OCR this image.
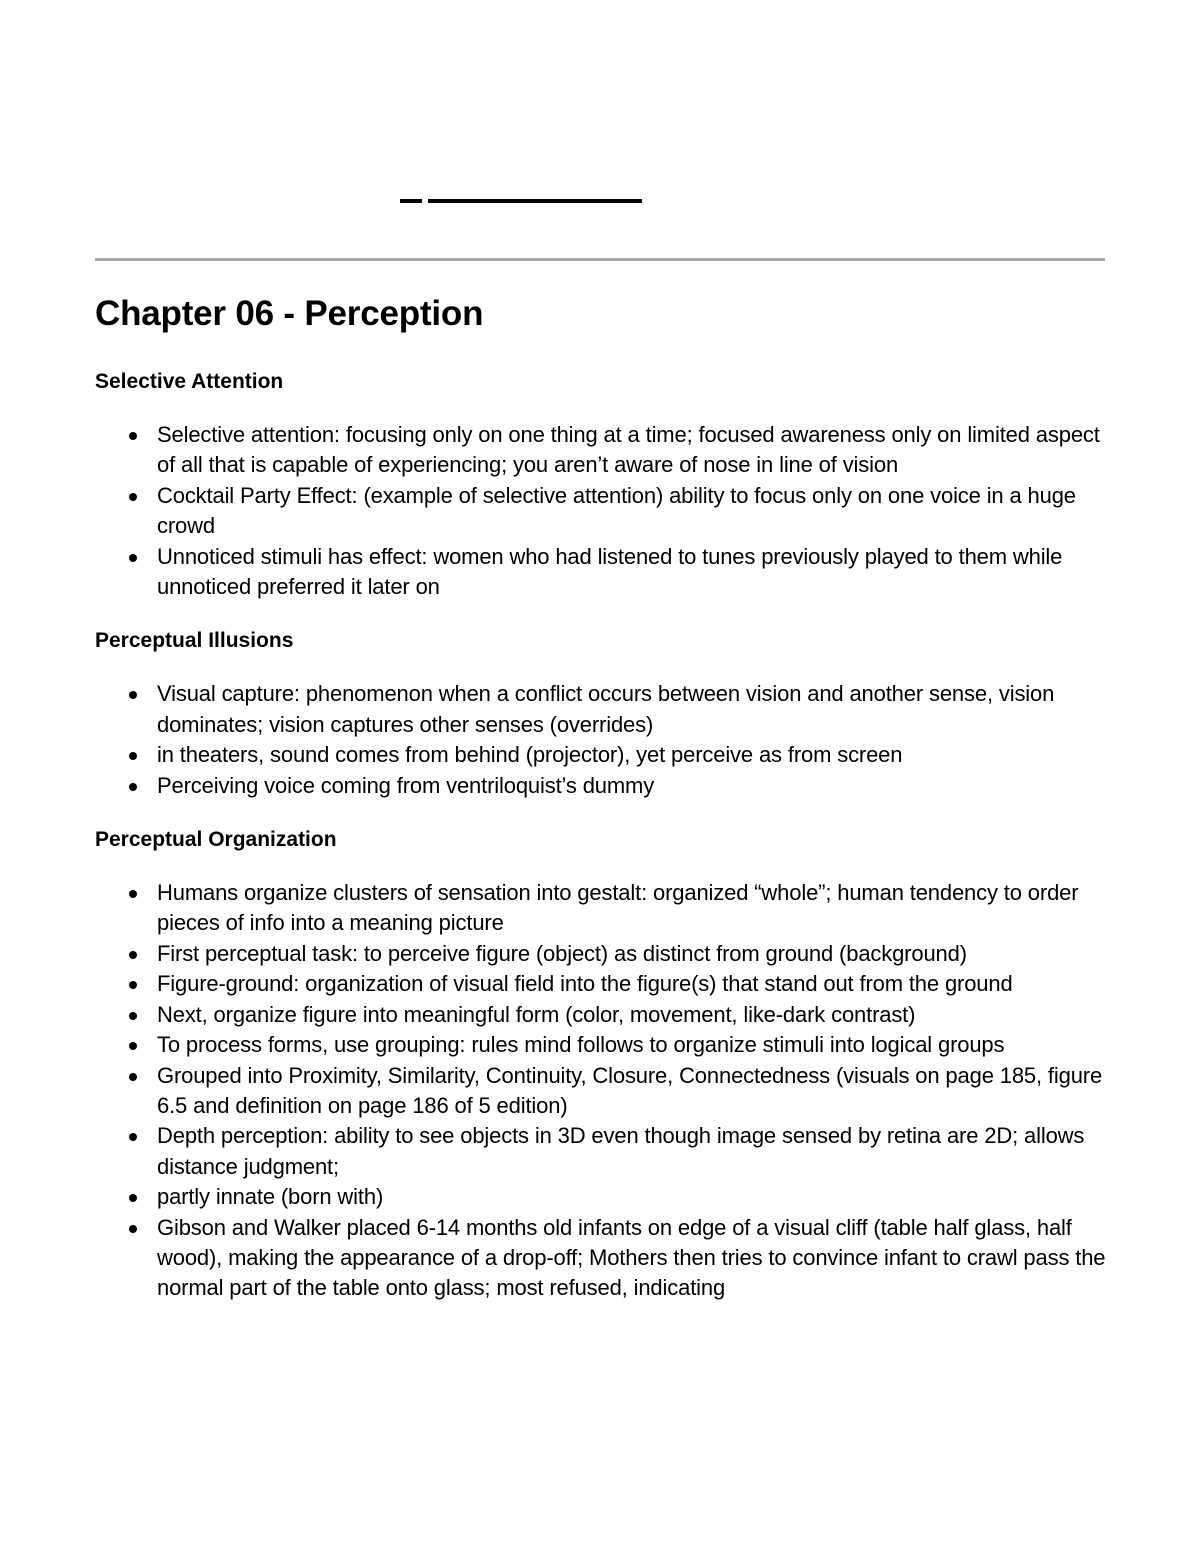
Chapter 06 - Perception
Selective Attention
Selective attention: focusing only on one thing at a time; focused awareness only on limited aspect of all that is capable of experiencing; you aren’t aware of nose in line of vision
Cocktail Party Effect: (example of selective attention) ability to focus only on one voice in a huge crowd
Unnoticed stimuli has effect: women who had listened to tunes previously played to them while unnoticed preferred it later on
Perceptual Illusions
Visual capture: phenomenon when a conflict occurs between vision and another sense, vision dominates; vision captures other senses (overrides)
in theaters, sound comes from behind (projector), yet perceive as from screen
Perceiving voice coming from ventriloquist’s dummy
Perceptual Organization
Humans organize clusters of sensation into gestalt: organized “whole”; human tendency to order pieces of info into a meaning picture
First perceptual task: to perceive figure (object) as distinct from ground (background)
Figure-ground: organization of visual field into the figure(s) that stand out from the ground
Next, organize figure into meaningful form (color, movement, like-dark contrast)
To process forms, use grouping: rules mind follows to organize stimuli into logical groups
Grouped into Proximity, Similarity, Continuity, Closure, Connectedness (visuals on page 185, figure 6.5 and definition on page 186 of 5 edition)
Depth perception: ability to see objects in 3D even though image sensed by retina are 2D; allows distance judgment;
partly innate (born with)
Gibson and Walker placed 6-14 months old infants on edge of a visual cliff (table half glass, half wood), making the appearance of a drop-off; Mothers then tries to convince infant to crawl pass the normal part of the table onto glass; most refused, indicating
